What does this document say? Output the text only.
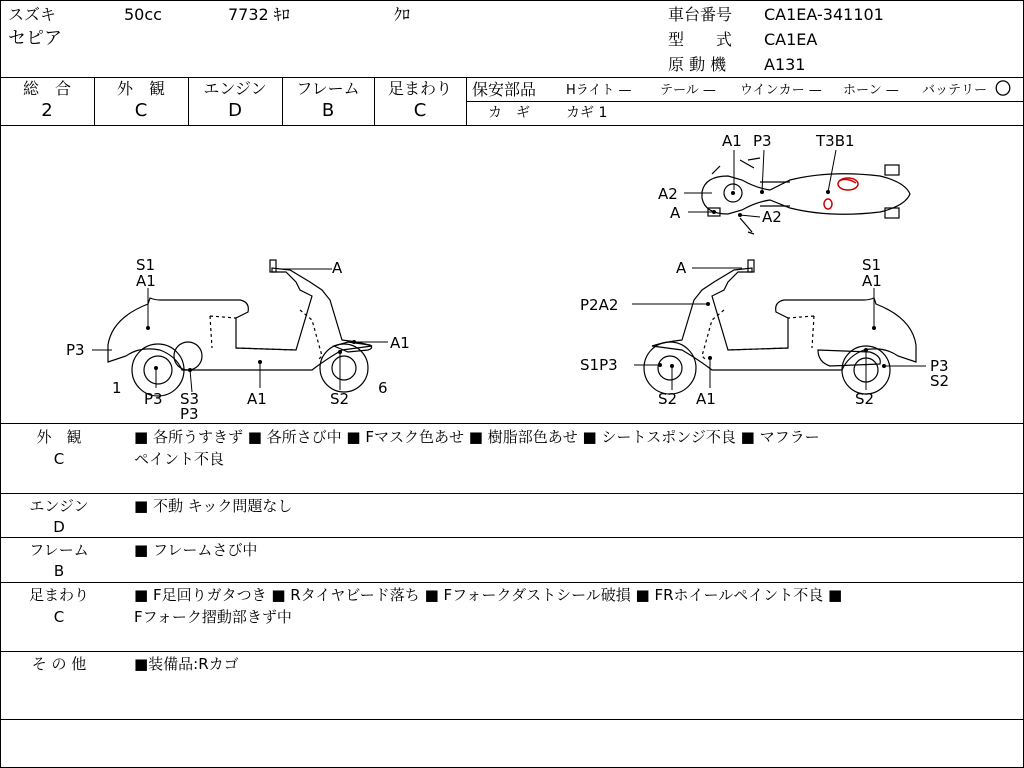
スズキ	50cc	7732 ｷﾛ	ｸﾛ
セピア
車台番号 CA1EA-341101
型　　式 CA1EA
原 動 機 A131
総　合
2
外　観
C
エンジン
D
フレーム
B
足まわり
C
保安部品 Hライト — テール — ウインカー — ホーン — バッテリー 〇
カ　ギ	カギ 1
A1 P3	T3B1
A2
A	A2
S1
A1
A
P3
1
P3 S3
P3
A1	S2
A1
6
A	S1
A1
P2A2
S1P3
S2 A1
P3
S2
S2
外　観
C
■ 各所うすきず ■ 各所さび中 ■ Fマスク色あせ ■ 樹脂部色あせ ■ シートスポンジ不良 ■ マフラー
ペイント不良
エンジン
D
■ 不動 キック問題なし
フレーム
B
■ フレームさび中
足まわり
C
■ F足回りガタつき ■ Rタイヤビード落ち ■ Fフォークダストシール破損 ■ FRホイールペイント不良 ■
Fフォーク摺動部きず中
そ の 他	■装備品:Rカゴ
